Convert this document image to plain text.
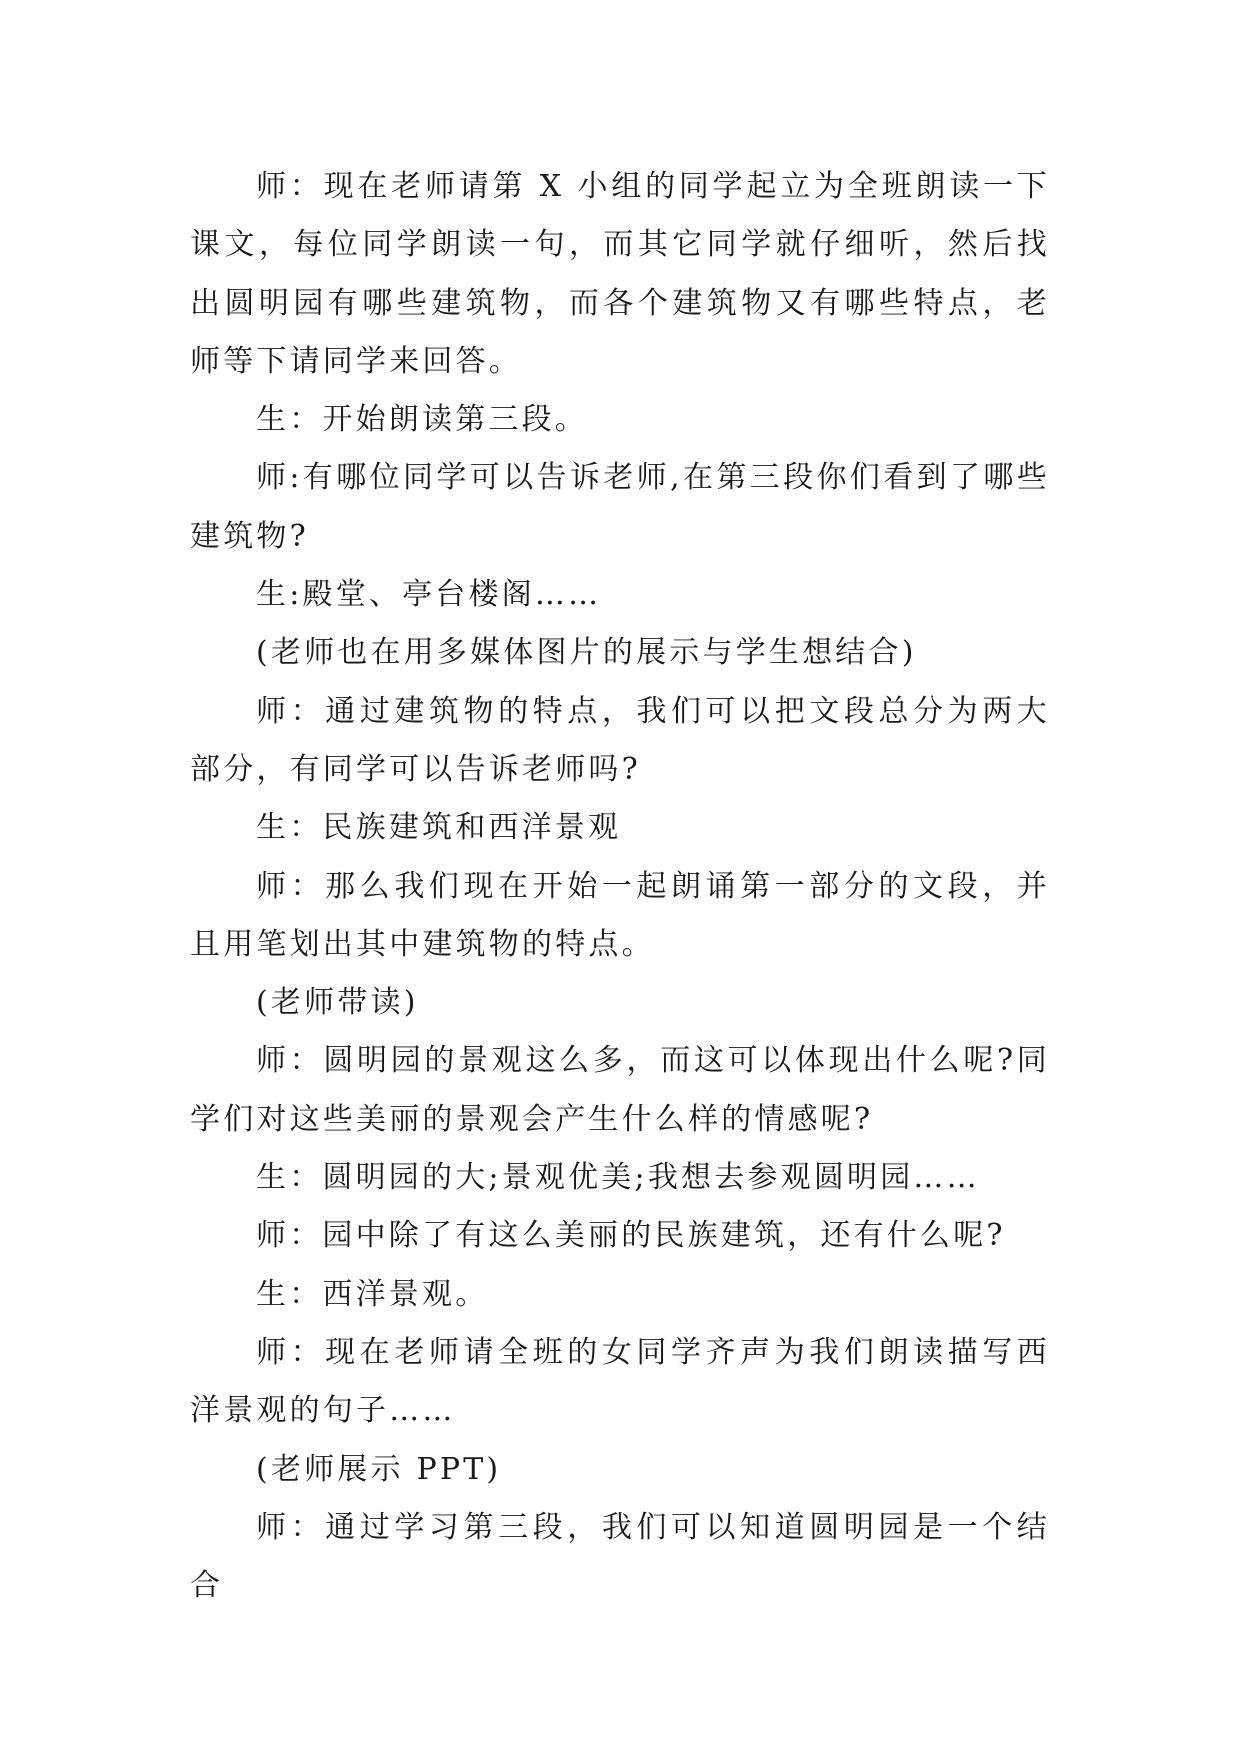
师：现在老师请第 X 小组的同学起立为全班朗读一下课文，每位同学朗读一句，而其它同学就仔细听，然后找出圆明园有哪些建筑物，而各个建筑物又有哪些特点，老师等下请同学来回答。

生：开始朗读第三段。

师:有哪位同学可以告诉老师,在第三段你们看到了哪些建筑物?

生:殿堂、亭台楼阁……

(老师也在用多媒体图片的展示与学生想结合)

师：通过建筑物的特点，我们可以把文段总分为两大部分，有同学可以告诉老师吗?

生：民族建筑和西洋景观

师：那么我们现在开始一起朗诵第一部分的文段，并且用笔划出其中建筑物的特点。

(老师带读)

师：圆明园的景观这么多，而这可以体现出什么呢?同学们对这些美丽的景观会产生什么样的情感呢?

生：圆明园的大;景观优美;我想去参观圆明园……

师：园中除了有这么美丽的民族建筑，还有什么呢?

生：西洋景观。

师：现在老师请全班的女同学齐声为我们朗读描写西洋景观的句子……

(老师展示 PPT)

师：通过学习第三段，我们可以知道圆明园是一个结合
